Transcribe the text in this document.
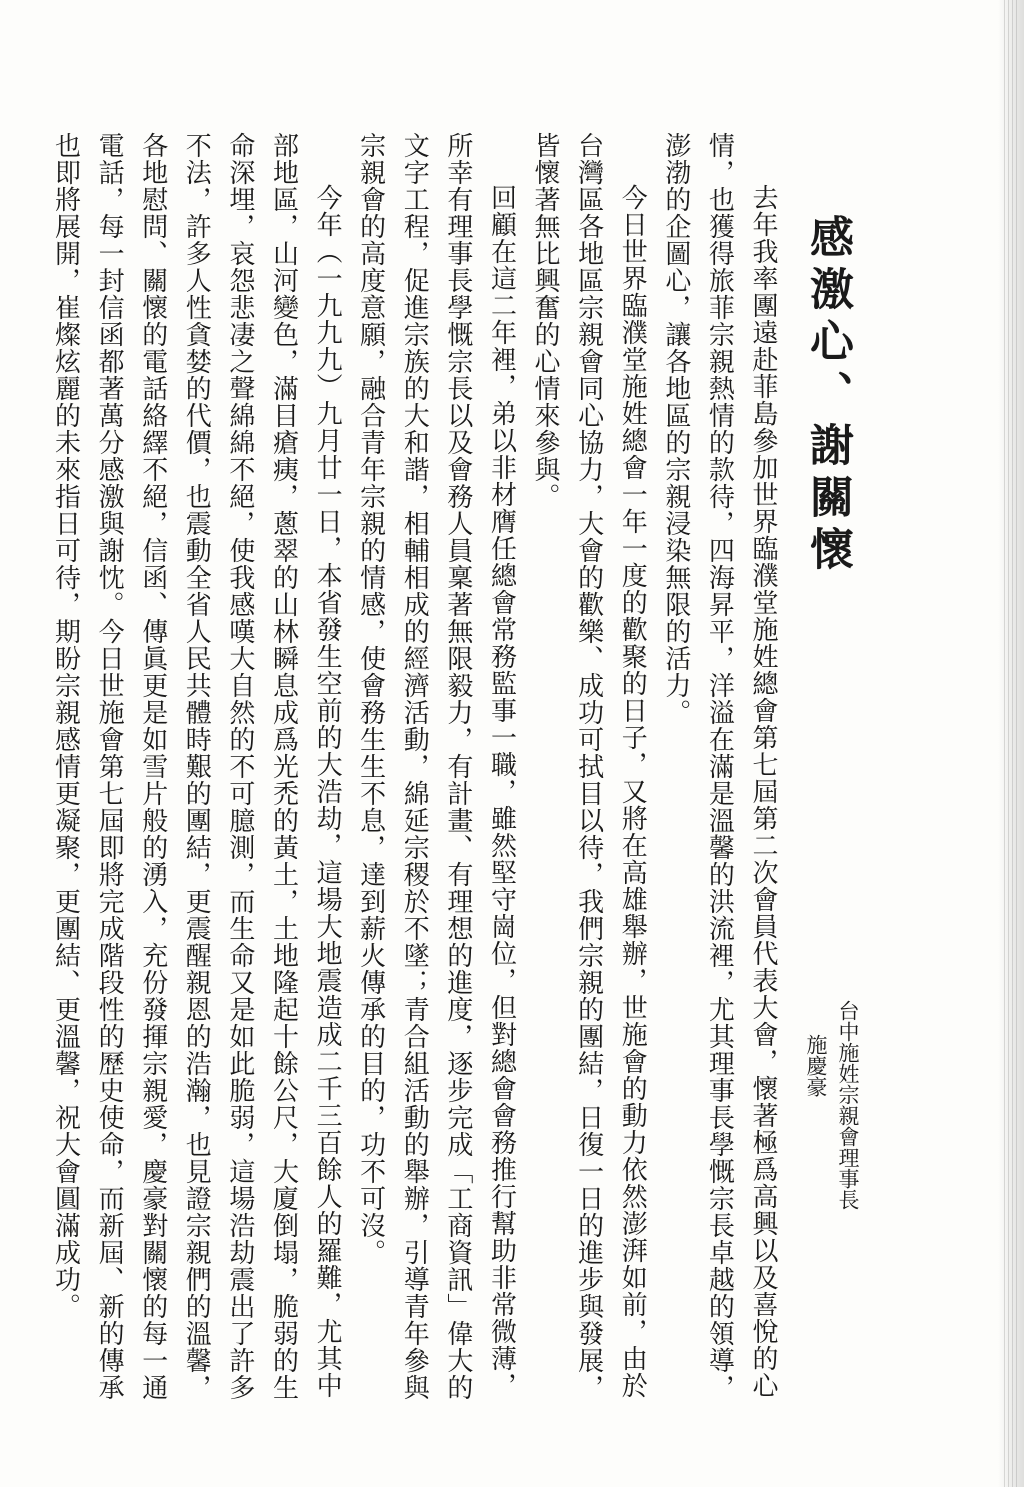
感激心、謝關懷
台中施姓宗親會理事長
施慶豪
去年我率團遠赴菲島參加世界臨濮堂施姓總會第七屆第二次會員代表大會，懷著極爲高興以及喜悅的心
情，也獲得旅菲宗親熱情的款待，四海昇平，洋溢在滿是溫馨的洪流裡，尤其理事長學慨宗長卓越的領導，
澎渤的企圖心，讓各地區的宗親浸染無限的活力。
今日世界臨濮堂施姓總會一年一度的歡聚的日子，又將在高雄舉辦，世施會的動力依然澎湃如前，由於
台灣區各地區宗親會同心協力，大會的歡樂、成功可拭目以待，我們宗親的團結，日復一日的進步與發展，
皆懷著無比興奮的心情來參與。
回顧在這二年裡，弟以非材膺任總會常務監事一職，雖然堅守崗位，但對總會會務推行幫助非常微薄，
所幸有理事長學慨宗長以及會務人員稟著無限毅力，有計畫、有理想的進度，逐步完成「工商資訊」偉大的
文字工程，促進宗族的大和諧，相輔相成的經濟活動，綿延宗稷於不墜；青合組活動的舉辦，引導青年參與
宗親會的高度意願，融合青年宗親的情感，使會務生生不息，達到薪火傳承的目的，功不可沒。
今年（一九九九）九月廿一日，本省發生空前的大浩劫，這場大地震造成二千三百餘人的羅難，尤其中
部地區，山河變色，滿目瘡痍，蔥翠的山林瞬息成爲光禿的黃土，土地隆起十餘公尺，大廈倒塌，脆弱的生
命深埋，哀怨悲凄之聲綿綿不絕，使我感嘆大自然的不可臆測，而生命又是如此脆弱，這場浩劫震出了許多
不法，許多人性貪婪的代價，也震動全省人民共體時艱的團結，更震醒親恩的浩瀚，也見證宗親們的溫馨，
各地慰問、關懷的電話絡繹不絕，信函、傳眞更是如雪片般的湧入，充份發揮宗親愛，慶豪對關懷的每一通
電話，每一封信函都著萬分感激與謝忱。今日世施會第七屆即將完成階段性的歷史使命，而新屆、新的傳承
也即將展開，崔燦炫麗的未來指日可待，期盼宗親感情更凝聚，更團結、更溫馨，祝大會圓滿成功。
